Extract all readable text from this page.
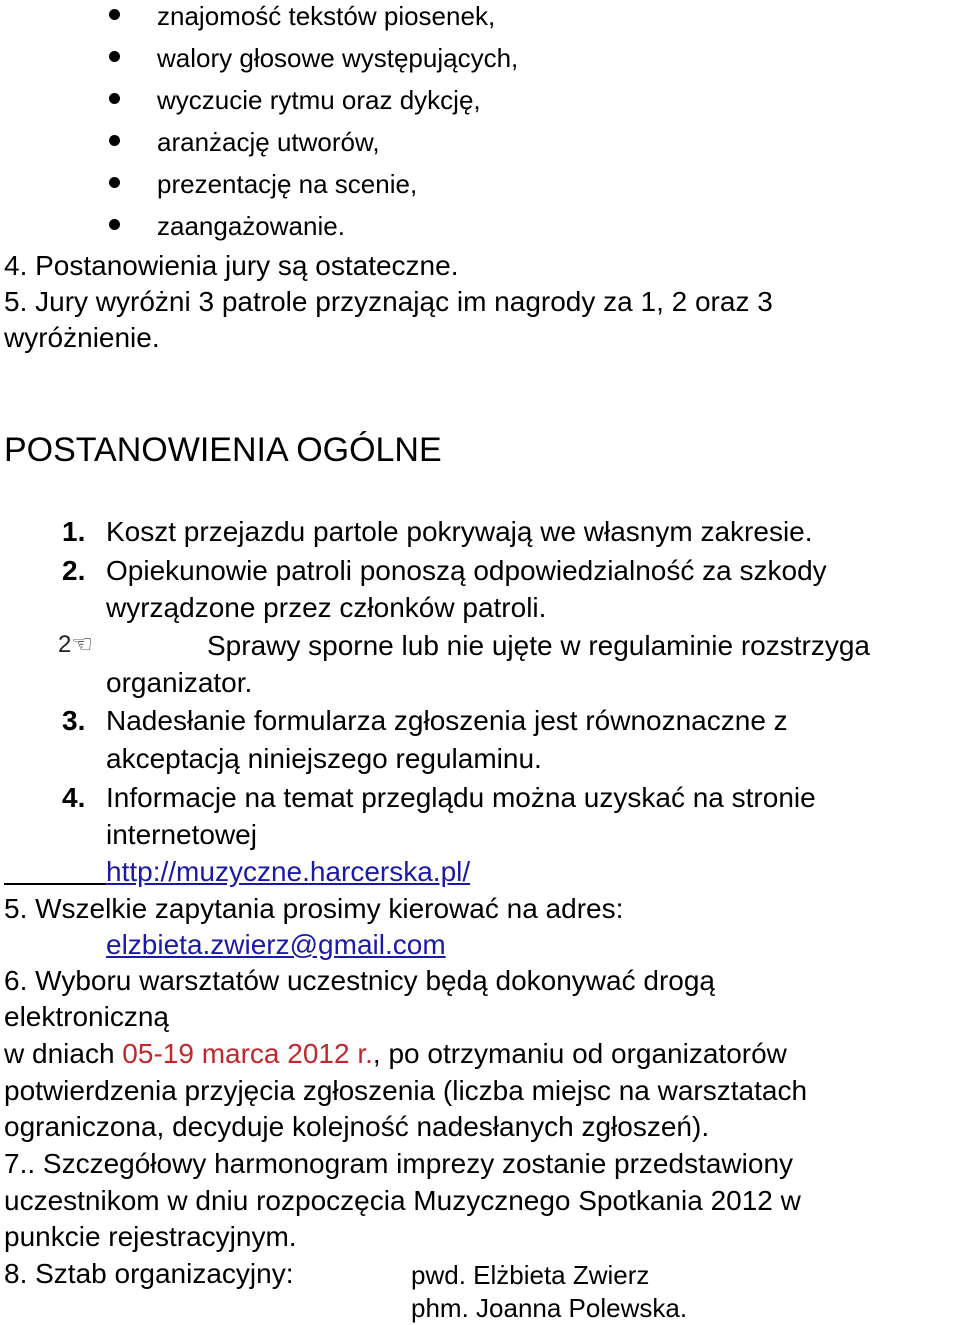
znajomość tekstów piosenek,
walory głosowe występujących,
wyczucie rytmu oraz dykcję,
aranżację utworów,
prezentację na scenie,
zaangażowanie.
4. Postanowienia jury są ostateczne.
5. Jury wyróżni 3 patrole przyznając im nagrody za 1, 2 oraz 3
wyróżnienie.
POSTANOWIENIA OGÓLNE
1. Koszt przejazdu partole pokrywają we własnym zakresie.
2. Opiekunowie patroli ponoszą odpowiedzialność za szkody
wyrządzone przez członków patroli.
2☜	Sprawy sporne lub nie ujęte w regulaminie rozstrzyga
organizator.
3. Nadesłanie formularza zgłoszenia jest równoznaczne z
akceptacją niniejszego regulaminu.
4. Informacje na temat przeglądu można uzyskać na stronie
internetowej
http://muzyczne.harcerska.pl/
5. Wszelkie zapytania prosimy kierować na adres:
elzbieta.zwierz@gmail.com
6. Wyboru warsztatów uczestnicy będą dokonywać drogą
elektroniczną
w dniach 05-19 marca 2012 r., po otrzymaniu od organizatorów
potwierdzenia przyjęcia zgłoszenia (liczba miejsc na warsztatach
ograniczona, decyduje kolejność nadesłanych zgłoszeń).
7.. Szczegółowy harmonogram imprezy zostanie przedstawiony
uczestnikom w dniu rozpoczęcia Muzycznego Spotkania 2012 w
punkcie rejestracyjnym.
8. Sztab organizacyjny:	pwd. Elżbieta Zwierz
phm. Joanna Polewska.
